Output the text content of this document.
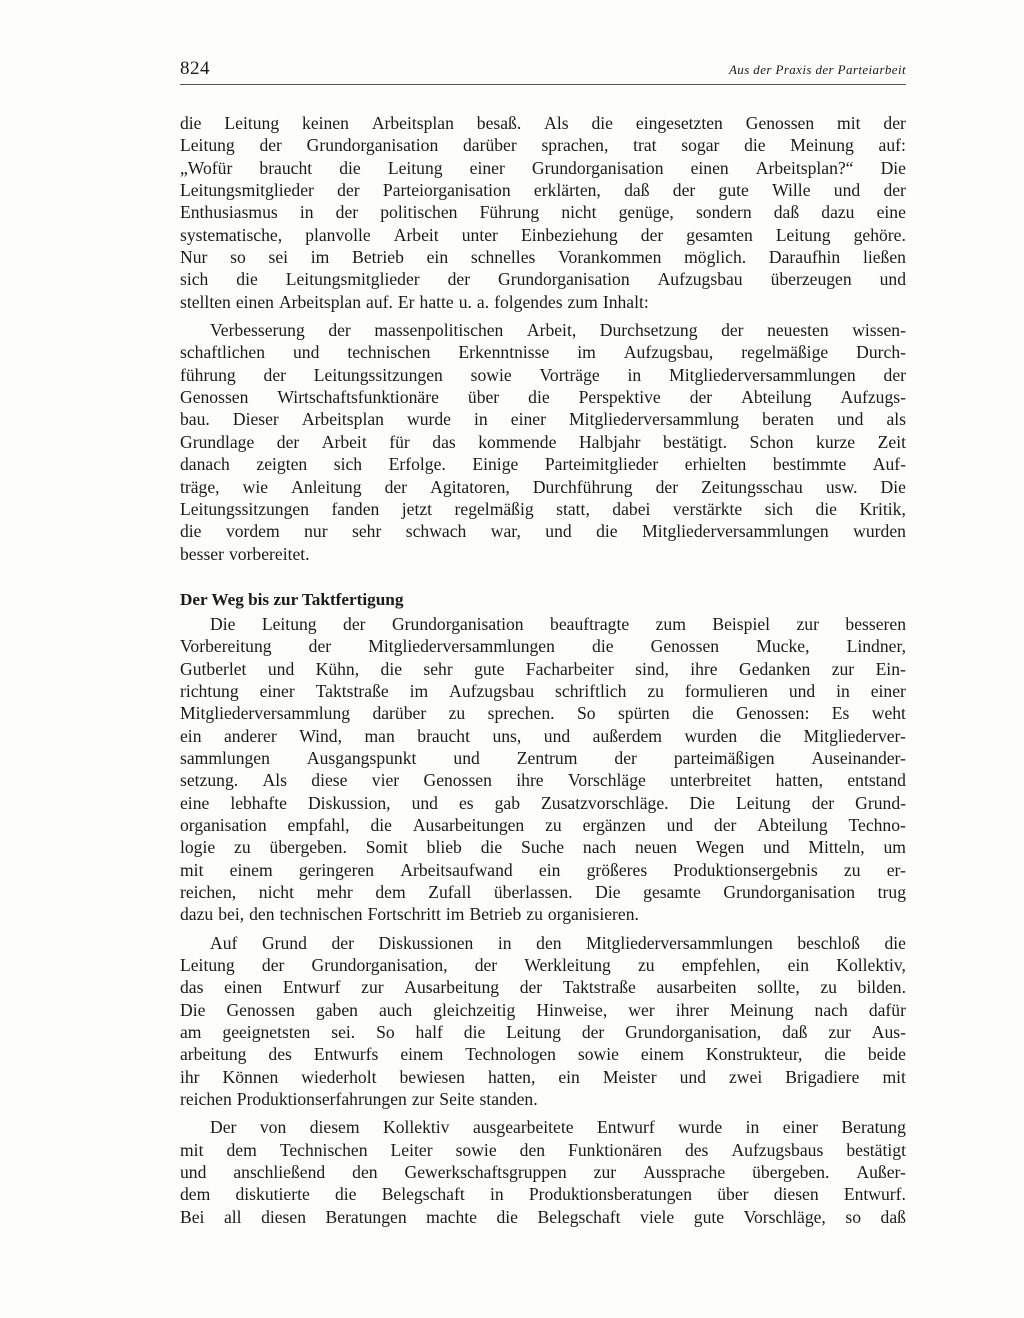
824	Aus der Praxis der Parteiarbeit
die Leitung keinen Arbeitsplan besaß. Als die eingesetzten Genossen mit der
Leitung der Grundorganisation darüber sprachen, trat sogar die Meinung auf:
„Wofür braucht die Leitung einer Grundorganisation einen Arbeitsplan?“ Die
Leitungsmitglieder der Parteiorganisation erklärten, daß der gute Wille und der
Enthusiasmus in der politischen Führung nicht genüge, sondern daß dazu eine
systematische, planvolle Arbeit unter Einbeziehung der gesamten Leitung gehöre.
Nur so sei im Betrieb ein schnelles Vorankommen möglich. Daraufhin ließen
sich die Leitungsmitglieder der Grundorganisation Aufzugsbau überzeugen und
stellten einen Arbeitsplan auf. Er hatte u. a. folgendes zum Inhalt:
Verbesserung der massenpolitischen Arbeit, Durchsetzung der neuesten wissen-
schaftlichen und technischen Erkenntnisse im Aufzugsbau, regelmäßige Durch-
führung der Leitungssitzungen sowie Vorträge in Mitgliederversammlungen der
Genossen Wirtschaftsfunktionäre über die Perspektive der Abteilung Aufzugs-
bau. Dieser Arbeitsplan wurde in einer Mitgliederversammlung beraten und als
Grundlage der Arbeit für das kommende Halbjahr bestätigt. Schon kurze Zeit
danach zeigten sich Erfolge. Einige Parteimitglieder erhielten bestimmte Auf-
träge, wie Anleitung der Agitatoren, Durchführung der Zeitungsschau usw. Die
Leitungssitzungen fanden jetzt regelmäßig statt, dabei verstärkte sich die Kritik,
die vordem nur sehr schwach war, und die Mitgliederversammlungen wurden
besser vorbereitet.
Der Weg bis zur Taktfertigung
Die Leitung der Grundorganisation beauftragte zum Beispiel zur besseren
Vorbereitung der Mitgliederversammlungen die Genossen Mucke, Lindner,
Gutberlet und Kühn, die sehr gute Facharbeiter sind, ihre Gedanken zur Ein-
richtung einer Taktstraße im Aufzugsbau schriftlich zu formulieren und in einer
Mitgliederversammlung darüber zu sprechen. So spürten die Genossen: Es weht
ein anderer Wind, man braucht uns, und außerdem wurden die Mitgliederver-
sammlungen Ausgangspunkt und Zentrum der parteimäßigen Auseinander-
setzung. Als diese vier Genossen ihre Vorschläge unterbreitet hatten, entstand
eine lebhafte Diskussion, und es gab Zusatzvorschläge. Die Leitung der Grund-
organisation empfahl, die Ausarbeitungen zu ergänzen und der Abteilung Techno-
logie zu übergeben. Somit blieb die Suche nach neuen Wegen und Mitteln, um
mit einem geringeren Arbeitsaufwand ein größeres Produktionsergebnis zu er-
reichen, nicht mehr dem Zufall überlassen. Die gesamte Grundorganisation trug
dazu bei, den technischen Fortschritt im Betrieb zu organisieren.
Auf Grund der Diskussionen in den Mitgliederversammlungen beschloß die
Leitung der Grundorganisation, der Werkleitung zu empfehlen, ein Kollektiv,
das einen Entwurf zur Ausarbeitung der Taktstraße ausarbeiten sollte, zu bilden.
Die Genossen gaben auch gleichzeitig Hinweise, wer ihrer Meinung nach dafür
am geeignetsten sei. So half die Leitung der Grundorganisation, daß zur Aus-
arbeitung des Entwurfs einem Technologen sowie einem Konstrukteur, die beide
ihr Können wiederholt bewiesen hatten, ein Meister und zwei Brigadiere mit
reichen Produktionserfahrungen zur Seite standen.
Der von diesem Kollektiv ausgearbeitete Entwurf wurde in einer Beratung
mit dem Technischen Leiter sowie den Funktionären des Aufzugsbaus bestätigt
und anschließend den Gewerkschaftsgruppen zur Aussprache übergeben. Außer-
dem diskutierte die Belegschaft in Produktionsberatungen über diesen Entwurf.
Bei all diesen Beratungen machte die Belegschaft viele gute Vorschläge, so daß
